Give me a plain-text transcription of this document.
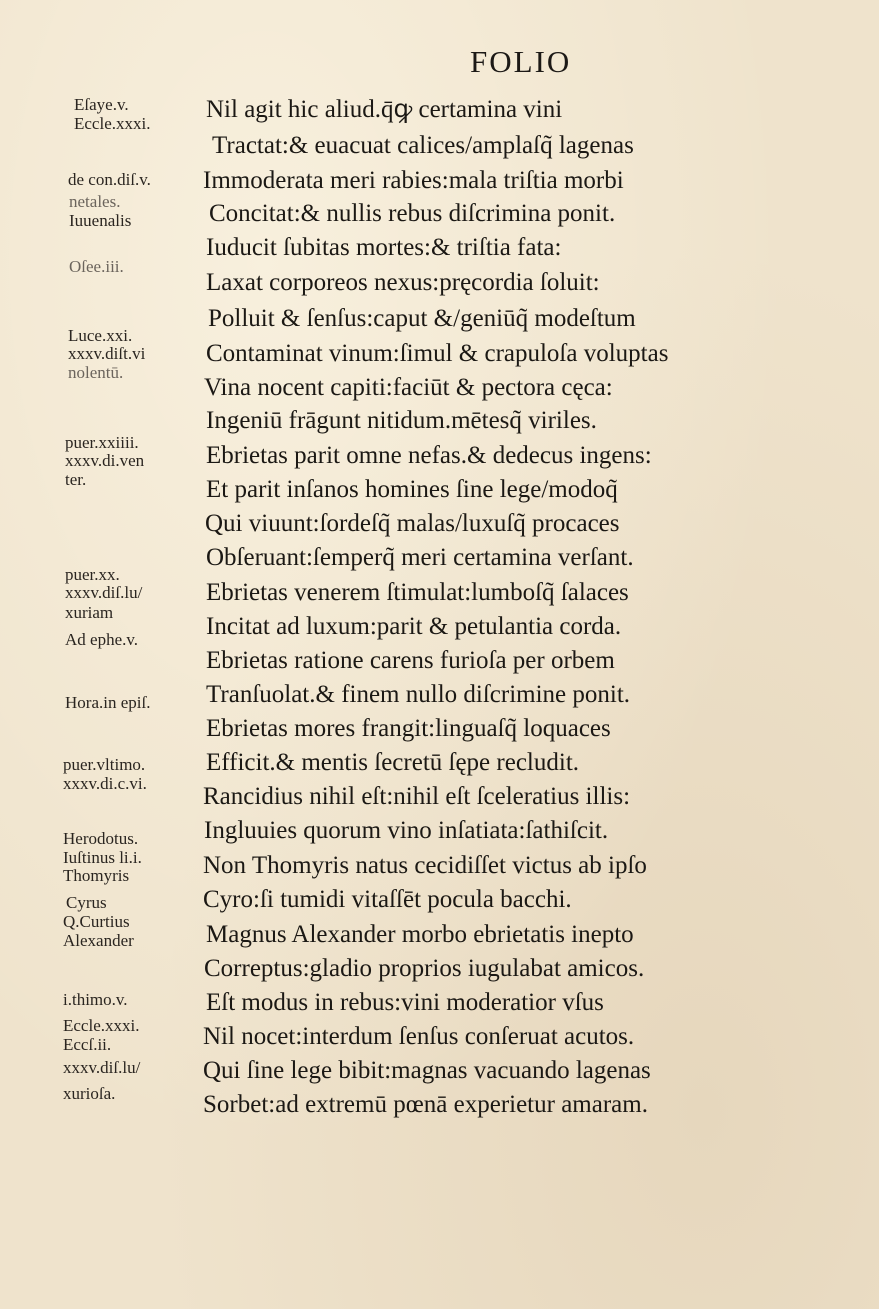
FOLIO
Nil agit hic aliud.q̄ꝙ certamina vini
Tractat:& euacuat calices/amplaſq̃ lagenas
Immoderata meri rabies:mala triſtia morbi
Concitat:& nullis rebus diſcrimina ponit.
Iuducit ſubitas mortes:& triſtia fata:
Laxat corporeos nexus:pręcordia ſoluit:
Polluit & ſenſus:caput &/geniūq̃ modeſtum
Contaminat vinum:ſimul & crapuloſa voluptas
Vina nocent capiti:faciūt & pectora cęca:
Ingeniū frāgunt nitidum.mētesq̃ viriles.
Ebrietas parit omne nefas.& dedecus ingens:
Et parit inſanos homines ſine lege/modoq̃
Qui viuunt:ſordeſq̃ malas/luxuſq̃ procaces
Obſeruant:ſemperq̃ meri certamina verſant.
Ebrietas venerem ſtimulat:lumboſq̃ ſalaces
Incitat ad luxum:parit & petulantia corda.
Ebrietas ratione carens furioſa per orbem
Tranſuolat.& finem nullo diſcrimine ponit.
Ebrietas mores frangit:linguaſq̃ loquaces
Efficit.& mentis ſecretū ſępe recludit.
Rancidius nihil eſt:nihil eſt ſceleratius illis:
Ingluuies quorum vino inſatiata:ſathiſcit.
Non Thomyris natus cecidiſſet victus ab ipſo
Cyro:ſi tumidi vitaſſēt pocula bacchi.
Magnus Alexander morbo ebrietatis inepto
Correptus:gladio proprios iugulabat amicos.
Eſt modus in rebus:vini moderatior vſus
Nil nocet:interdum ſenſus conſeruat acutos.
Qui ſine lege bibit:magnas vacuando lagenas
Sorbet:ad extremū pœnā experietur amaram.
Eſaye.v.
Eccle.xxxi.
de con.diſ.v.
netales.
Iuuenalis
Oſee.iii.
Luce.xxi.
xxxv.diſt.vi
nolentū.
puer.xxiiii.
xxxv.di.ven
ter.
puer.xx.
xxxv.diſ.lu/
xuriam
Ad ephe.v.
Hora.in epiſ.
puer.vltimo.
xxxv.di.c.vi.
Herodotus.
Iuſtinus li.i.
Thomyris
Cyrus
Q.Curtius
Alexander
i.thimo.v.
Eccle.xxxi.
Eccſ.ii.
xxxv.diſ.lu/
xurioſa.
